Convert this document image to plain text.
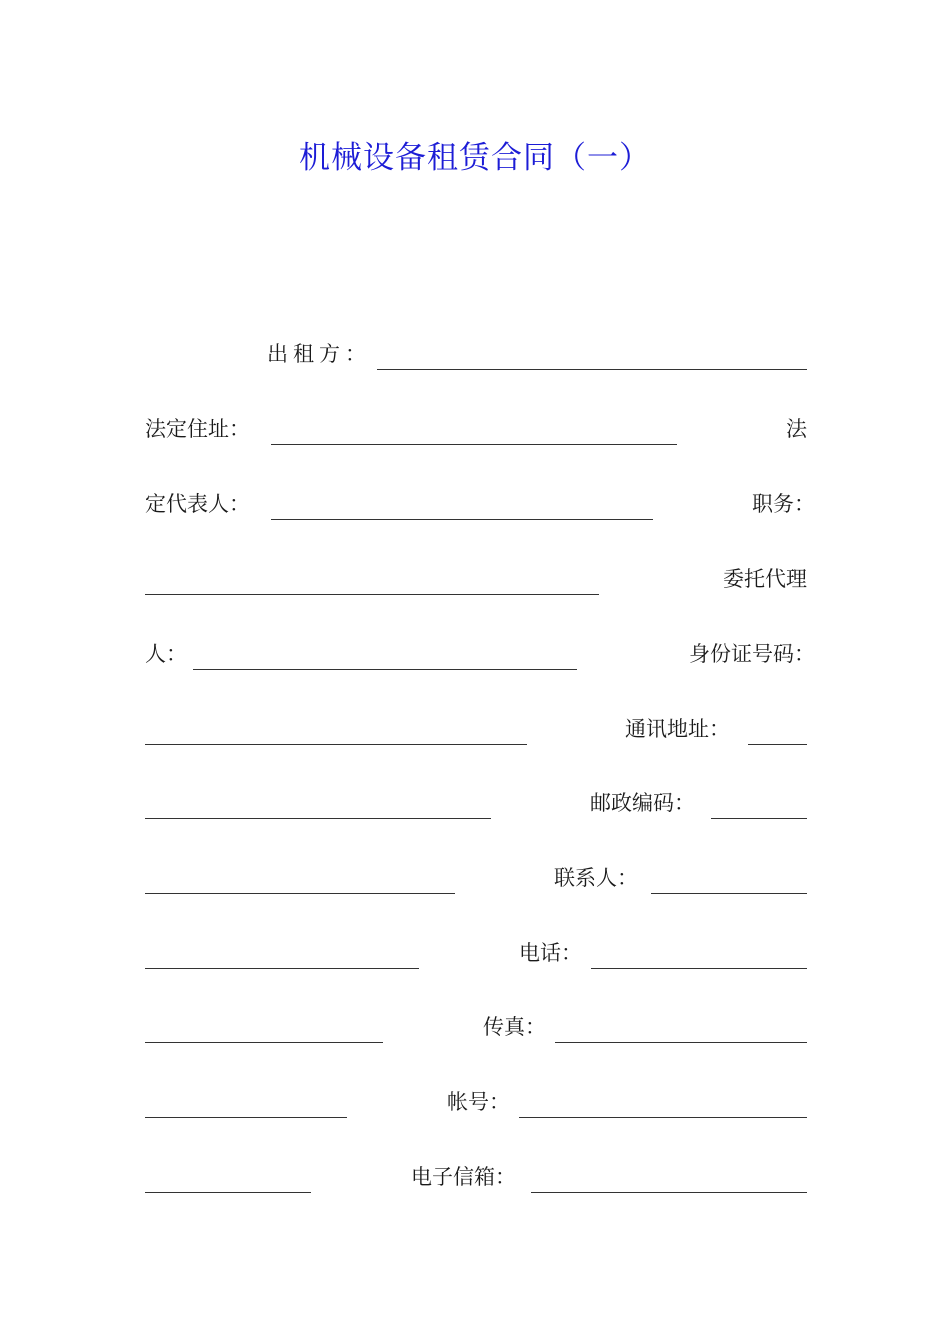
机械设备租赁合同（一）
出租方：
法定住址：	法
定代表人：	职务：
委托代理
人：	身份证号码：
通讯地址：
邮政编码：
联系人：
电话：
传真：
帐号：
电子信箱：
